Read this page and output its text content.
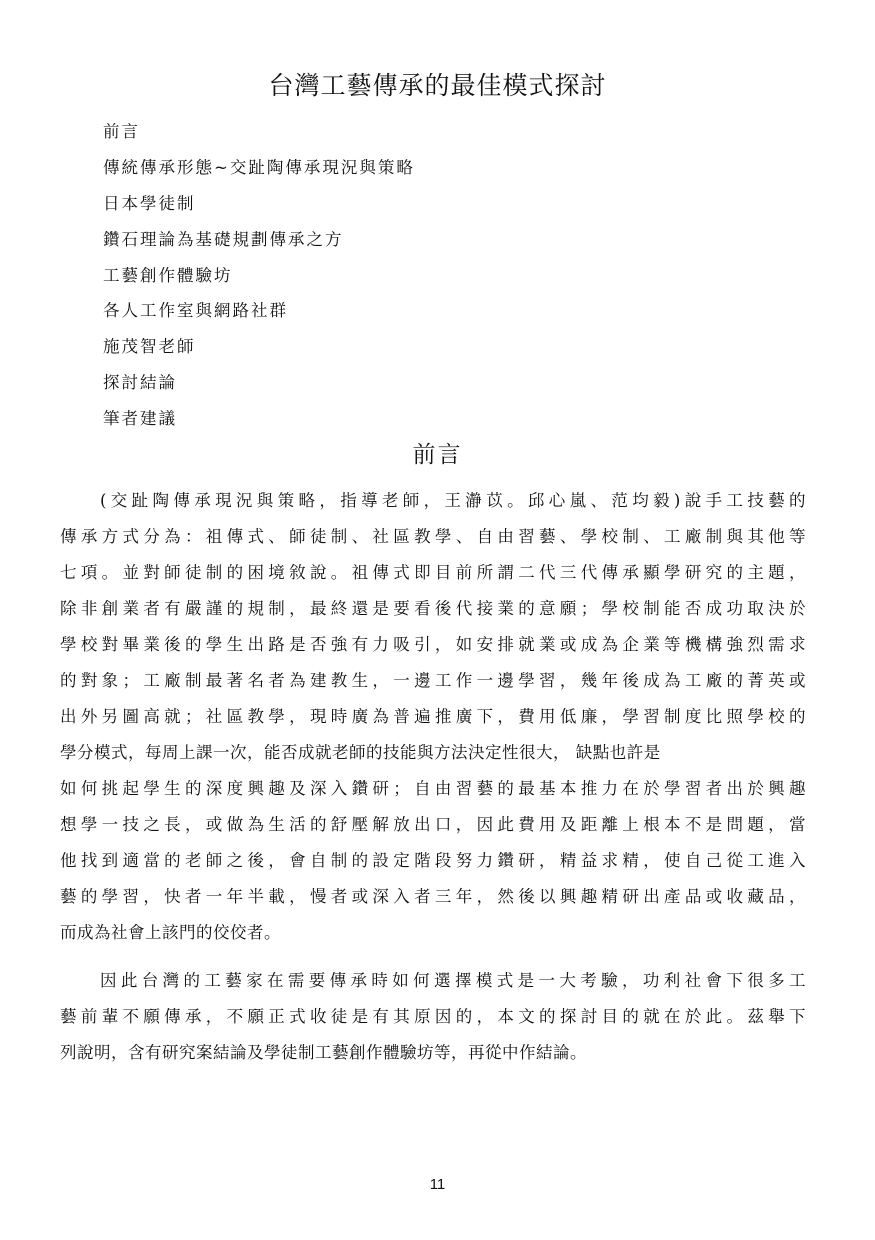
台灣工藝傳承的最佳模式探討
前言
傳統傳承形態~交趾陶傳承現況與策略
日本學徒制
鑽石理論為基礎規劃傳承之方
工藝創作體驗坊
各人工作室與網路社群
施茂智老師
探討結論
筆者建議
前言

(交趾陶傳承現況與策略，指導老師，王瀞苡。邱心嵐、范均毅)說手工技藝的

傳承方式分為：祖傳式、師徒制、社區教學、自由習藝、學校制、工廠制與其他等

七項。並對師徒制的困境敘說。祖傳式即目前所謂二代三代傳承顯學研究的主題，

除非創業者有嚴謹的規制，最終還是要看後代接業的意願；學校制能否成功取決於

學校對畢業後的學生出路是否強有力吸引，如安排就業或成為企業等機構強烈需求

的對象；工廠制最著名者為建教生，一邊工作一邊學習，幾年後成為工廠的菁英或

出外另圖高就；社區教學，現時廣為普遍推廣下，費用低廉，學習制度比照學校的

學分模式，每周上課一次，能否成就老師的技能與方法決定性很大， 缺點也許是

如何挑起學生的深度興趣及深入鑽研；自由習藝的最基本推力在於學習者出於興趣

想學一技之長，或做為生活的舒壓解放出口，因此費用及距離上根本不是問題，當

他找到適當的老師之後，會自制的設定階段努力鑽研，精益求精，使自己從工進入

藝的學習，快者一年半載，慢者或深入者三年，然後以興趣精研出產品或收藏品，

而成為社會上該門的佼佼者。

因此台灣的工藝家在需要傳承時如何選擇模式是一大考驗，功利社會下很多工

藝前輩不願傳承，不願正式收徒是有其原因的，本文的探討目的就在於此。茲舉下

列說明，含有研究案結論及學徒制工藝創作體驗坊等，再從中作結論。

11
